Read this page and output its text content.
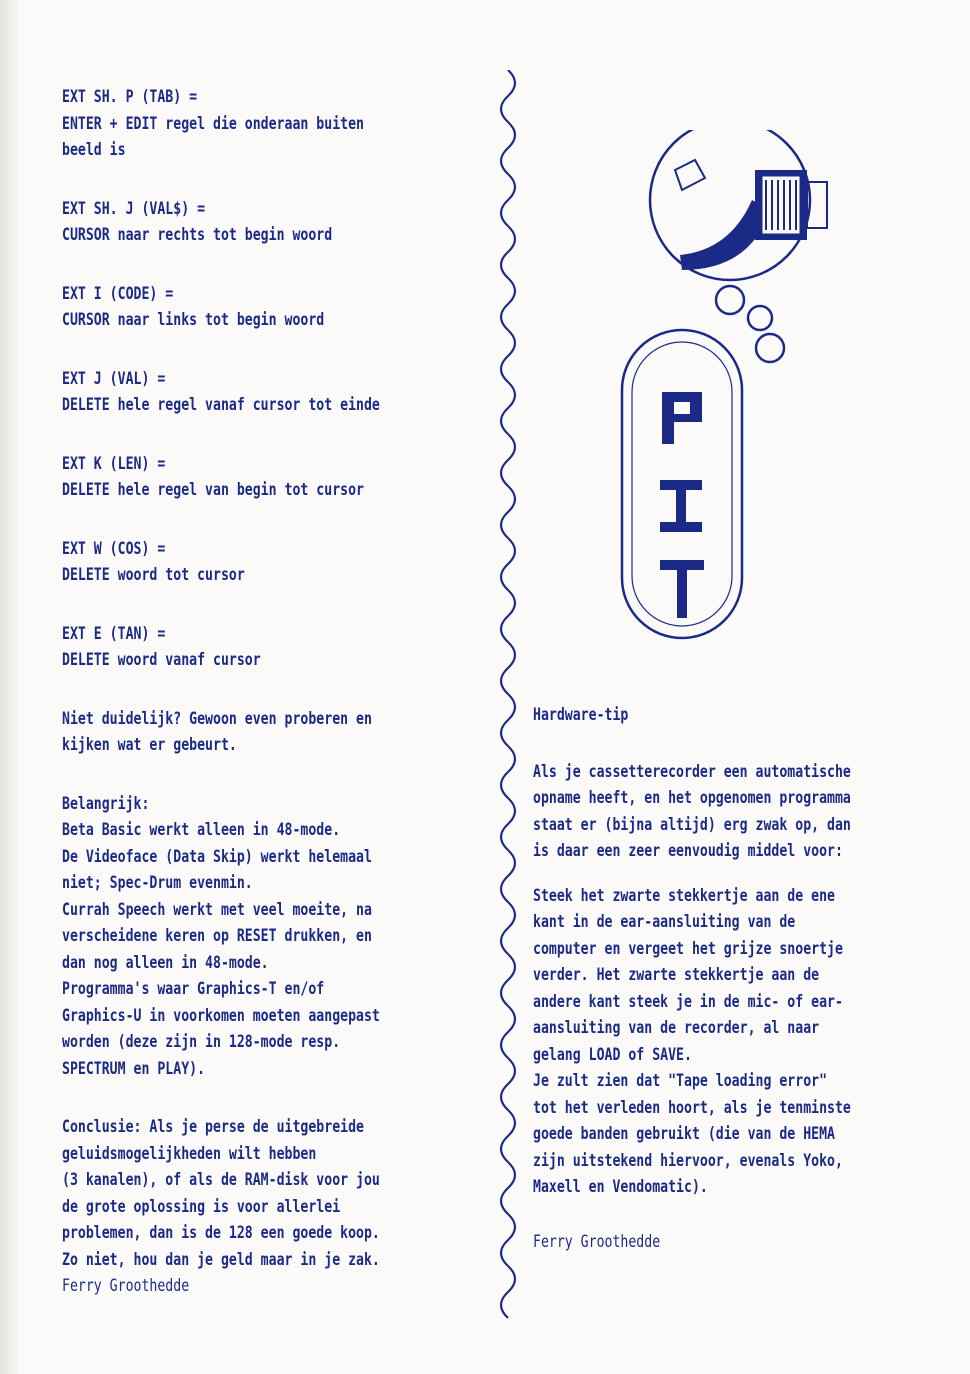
EXT SH. P (TAB) =
ENTER + EDIT regel die onderaan buiten
beeld is
EXT SH. J (VAL$) =
CURSOR naar rechts tot begin woord
EXT I (CODE) =
CURSOR naar links tot begin woord
EXT J (VAL) =
DELETE hele regel vanaf cursor tot einde
EXT K (LEN) =
DELETE hele regel van begin tot cursor
EXT W (COS) =
DELETE woord tot cursor
EXT E (TAN) =
DELETE woord vanaf cursor
Niet duidelijk? Gewoon even proberen en
kijken wat er gebeurt.
Belangrijk:
Beta Basic werkt alleen in 48-mode.
De Videoface (Data Skip) werkt helemaal
niet; Spec-Drum evenmin.
Currah Speech werkt met veel moeite, na
verscheidene keren op RESET drukken, en
dan nog alleen in 48-mode.
Programma's waar Graphics-T en/of
Graphics-U in voorkomen moeten aangepast
worden (deze zijn in 128-mode resp.
SPECTRUM en PLAY).
Conclusie: Als je perse de uitgebreide
geluidsmogelijkheden wilt hebben
(3 kanalen), of als de RAM-disk voor jou
de grote oplossing is voor allerlei
problemen, dan is de 128 een goede koop.
Zo niet, hou dan je geld maar in je zak.
Ferry Groothedde
Hardware-tip
Als je cassetterecorder een automatische
opname heeft, en het opgenomen programma
staat er (bijna altijd) erg zwak op, dan
is daar een zeer eenvoudig middel voor:
Steek het zwarte stekkertje aan de ene
kant in de ear-aansluiting van de
computer en vergeet het grijze snoertje
verder. Het zwarte stekkertje aan de
andere kant steek je in de mic- of ear-
aansluiting van de recorder, al naar
gelang LOAD of SAVE.
Je zult zien dat "Tape loading error"
tot het verleden hoort, als je tenminste
goede banden gebruikt (die van de HEMA
zijn uitstekend hiervoor, evenals Yoko,
Maxell en Vendomatic).
Ferry Groothedde
